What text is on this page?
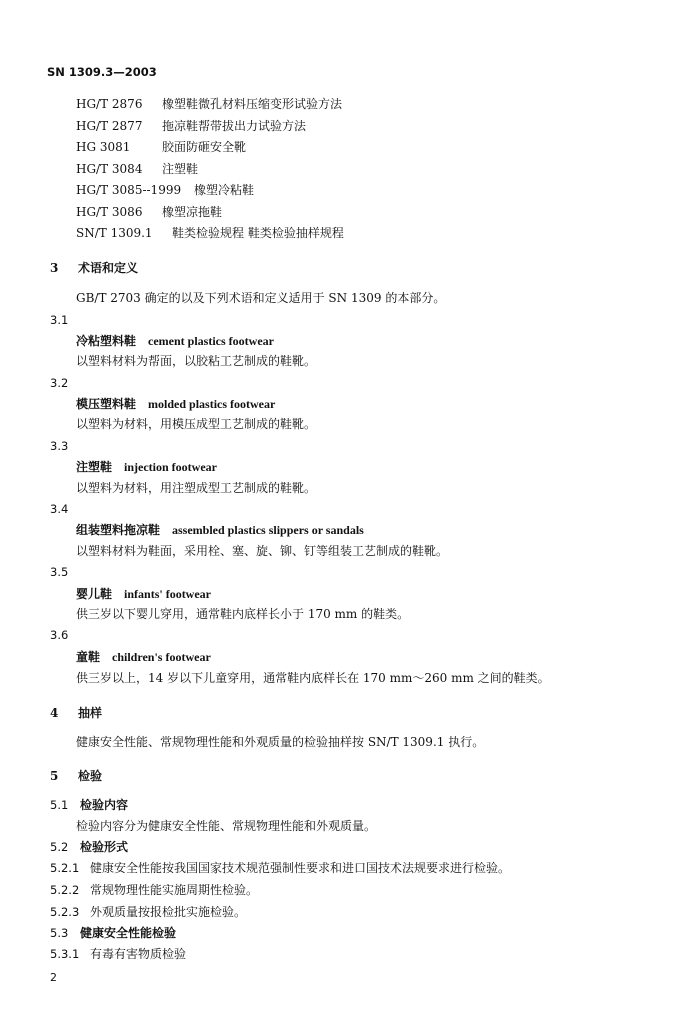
SN 1309.3—2003
HG/T 2876 橡塑鞋微孔材料压缩变形试验方法
HG/T 2877 拖凉鞋帮带拔出力试验方法
HG 3081	胶面防砸安全靴
HG/T 3084 注塑鞋
HG/T 3085--1999 橡塑冷粘鞋
HG/T 3086 橡塑凉拖鞋
SN/T 1309.1 鞋类检验规程 鞋类检验抽样规程
3 术语和定义
GB/T 2703 确定的以及下列术语和定义适用于 SN 1309 的本部分。
3.1
冷粘塑料鞋 cement plastics footwear
以塑料材料为帮面，以胶粘工艺制成的鞋靴。
3.2
模压塑料鞋 molded plastics footwear
以塑料为材料，用模压成型工艺制成的鞋靴。
3.3
注塑鞋 injection footwear
以塑料为材料，用注塑成型工艺制成的鞋靴。
3.4
组装塑料拖凉鞋 assembled plastics slippers or sandals
以塑料材料为鞋面，采用栓、塞、旋、铆、钉等组装工艺制成的鞋靴。
3.5
婴儿鞋 infants' footwear
供三岁以下婴儿穿用，通常鞋内底样长小于 170 mm 的鞋类。
3.6
童鞋 children's footwear
供三岁以上，14 岁以下儿童穿用，通常鞋内底样长在 170 mm～260 mm 之间的鞋类。
4 抽样
健康安全性能、常规物理性能和外观质量的检验抽样按 SN/T 1309.1 执行。
5 检验
5.1 检验内容
检验内容分为健康安全性能、常规物理性能和外观质量。
5.2 检验形式
5.2.1 健康安全性能按我国国家技术规范强制性要求和进口国技术法规要求进行检验。
5.2.2 常规物理性能实施周期性检验。
5.2.3 外观质量按报检批实施检验。
5.3 健康安全性能检验
5.3.1 有毒有害物质检验
2
